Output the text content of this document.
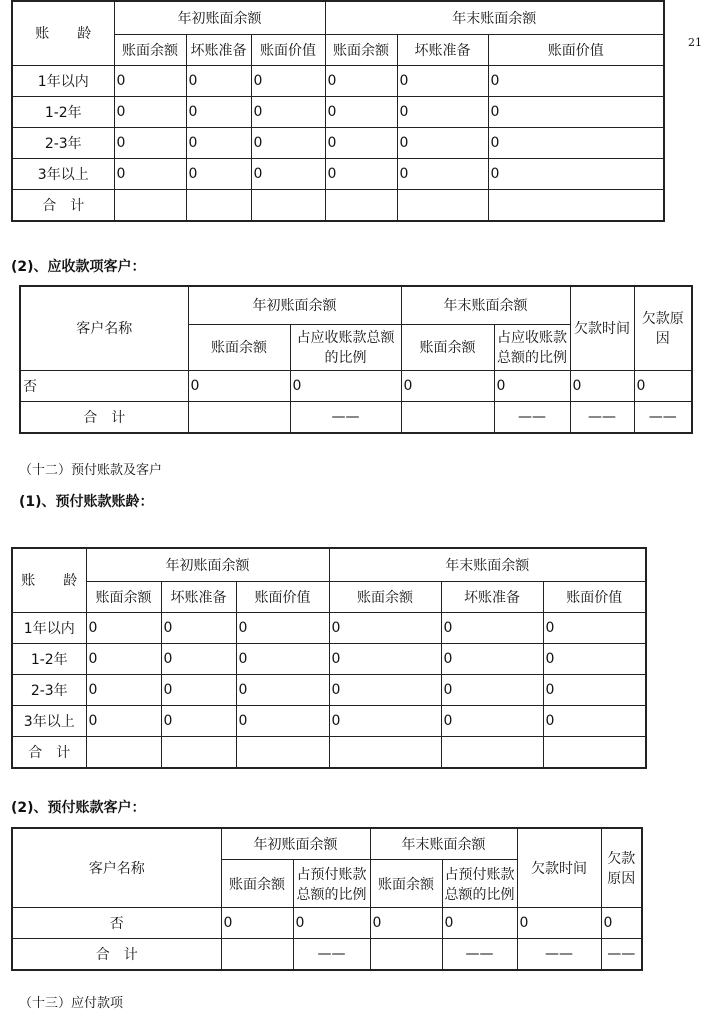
21
账　　龄	年初账面余额			年末账面余额		
	账面余额	坏账准备	账面价值	账面余额	坏账准备	账面价值
1年以内	0	0	0	0	0	0
1-2年	0	0	0	0	0	0
2-3年	0	0	0	0	0	0
3年以上	0	0	0	0	0	0
合　计						
(2)、应收款项客户：
客户名称	年初账面余额		年末账面余额		欠款时间	欠款原因
	账面余额	占应收账款总额的比例	账面余额	占应收账款总额的比例		
否	0	0	0	0	0	0
合　计		——		——	——	——
（十二）预付账款及客户
(1)、预付账款账龄：
账　　龄	年初账面余额			年末账面余额		
	账面余额	坏账准备	账面价值	账面余额	坏账准备	账面价值
1年以内	0	0	0	0	0	0
1-2年	0	0	0	0	0	0
2-3年	0	0	0	0	0	0
3年以上	0	0	0	0	0	0
合　计						
(2)、预付账款客户：
客户名称	年初账面余额		年末账面余额		欠款时间	欠款原因
	账面余额	占预付账款总额的比例	账面余额	占预付账款总额的比例		
否	0	0	0	0	0	0
合　计		——		——	——	——
（十三）应付款项
